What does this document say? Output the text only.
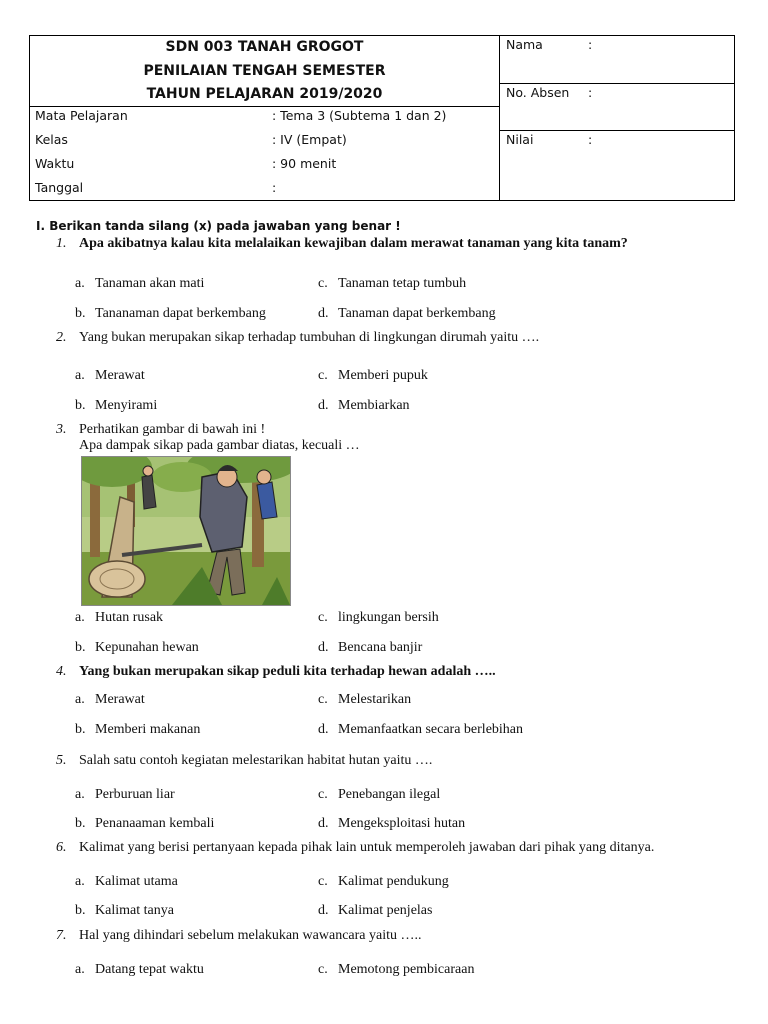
SDN 003 TANAH GROGOT
PENILAIAN TENGAH SEMESTER
TAHUN PELAJARAN 2019/2020
Mata Pelajaran	: Tema 3 (Subtema 1 dan 2)
Kelas	: IV (Empat)
Waktu	: 90 menit
Tanggal	:
Nama	:
No. Absen :
Nilai	:
I. Berikan tanda silang (x) pada jawaban yang benar !
1. Apa akibatnya kalau kita melalaikan kewajiban dalam merawat tanaman yang kita tanam?
a. Tanaman akan mati	c. Tanaman tetap tumbuh
b. Tananaman dapat berkembang	d. Tanaman dapat berkembang
2. Yang bukan merupakan sikap terhadap tumbuhan di lingkungan dirumah yaitu ….
a. Merawat	c. Memberi pupuk
b. Menyirami	d. Membiarkan
3. Perhatikan gambar di bawah ini !
Apa dampak sikap pada gambar diatas, kecuali …
a. Hutan rusak	c. lingkungan bersih
b. Kepunahan hewan	d. Bencana banjir
4. Yang bukan merupakan sikap peduli kita terhadap hewan adalah …..
a. Merawat	c. Melestarikan
b. Memberi makanan	d. Memanfaatkan secara berlebihan
5. Salah satu contoh kegiatan melestarikan habitat hutan yaitu ….
a. Perburuan liar	c. Penebangan ilegal
b. Penanaaman kembali	d. Mengeksploitasi hutan
6. Kalimat yang berisi pertanyaan kepada pihak lain untuk memperoleh jawaban dari pihak yang ditanya.
a. Kalimat utama	c. Kalimat pendukung
b. Kalimat tanya	d. Kalimat penjelas
7. Hal yang dihindari sebelum melakukan wawancara yaitu …..
a. Datang tepat waktu	c. Memotong pembicaraan
